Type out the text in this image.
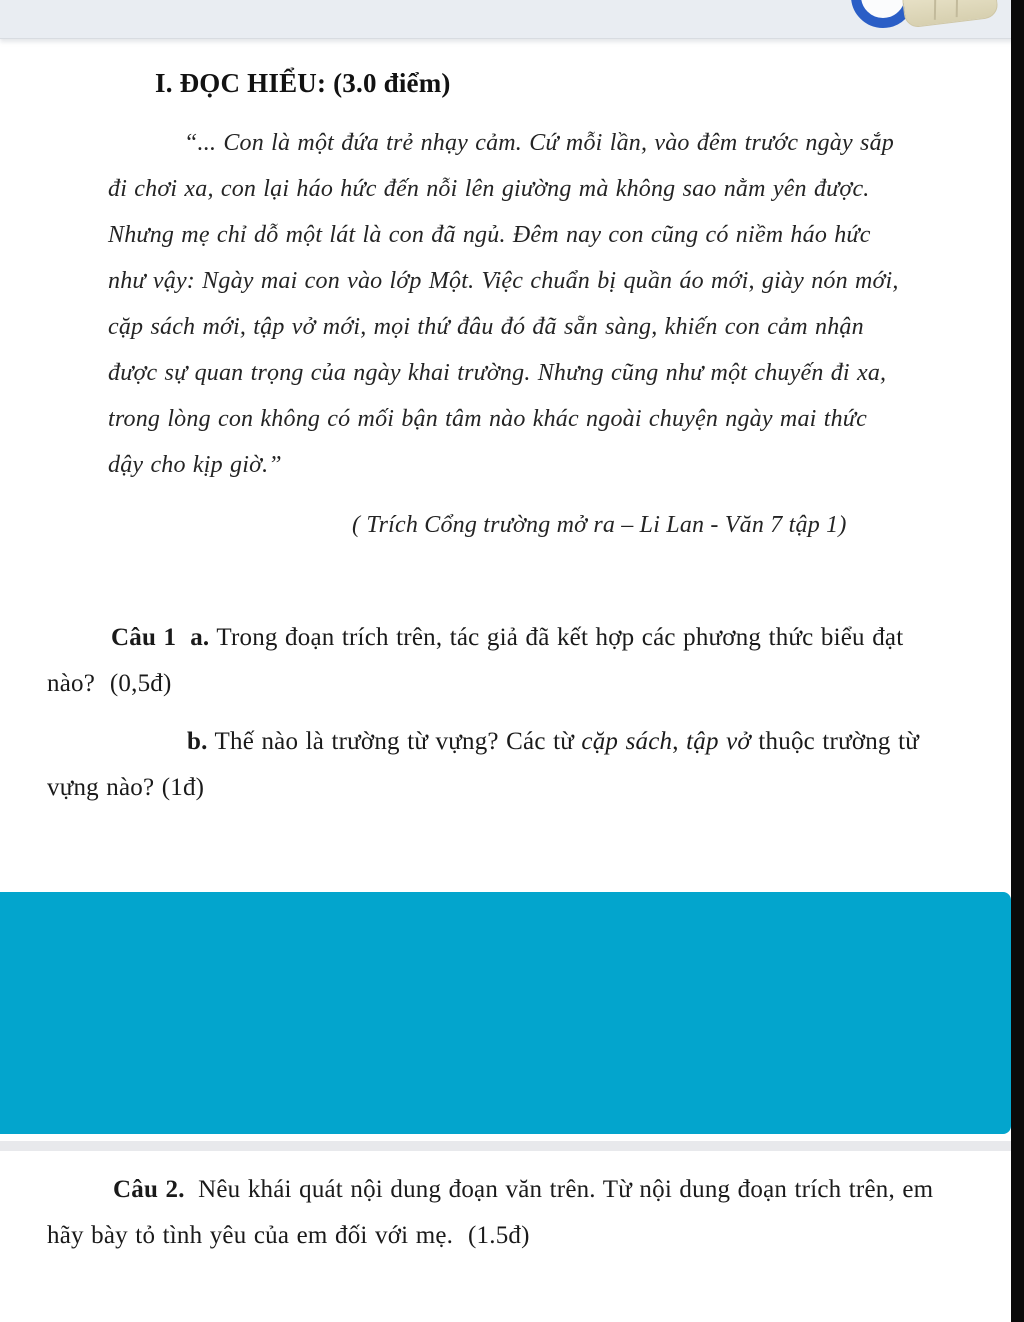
I. ĐỌC HIỂU: (3.0 điểm)
“... Con là một đứa trẻ nhạy cảm. Cứ mỗi lần, vào đêm trước ngày sắp
đi chơi xa, con lại háo hức đến nỗi lên giường mà không sao nằm yên được.
Nhưng mẹ chỉ dỗ một lát là con đã ngủ. Đêm nay con cũng có niềm háo hức
như vậy: Ngày mai con vào lớp Một. Việc chuẩn bị quần áo mới, giày nón mới,
cặp sách mới, tập vở mới, mọi thứ đâu đó đã sẵn sàng, khiến con cảm nhận
được sự quan trọng của ngày khai trường. Nhưng cũng như một chuyến đi xa,
trong lòng con không có mối bận tâm nào khác ngoài chuyện ngày mai thức
dậy cho kịp giờ.”
( Trích Cổng trường mở ra – Li Lan - Văn 7 tập 1)
Câu 1 a. Trong đoạn trích trên, tác giả đã kết hợp các phương thức biểu đạt
nào?  (0,5đ)
b. Thế nào là trường từ vựng? Các từ cặp sách, tập vở thuộc trường từ
vựng nào? (1đ)
Câu 2. Nêu khái quát nội dung đoạn văn trên. Từ nội dung đoạn trích trên, em
hãy bày tỏ tình yêu của em đối với mẹ.  (1.5đ)
